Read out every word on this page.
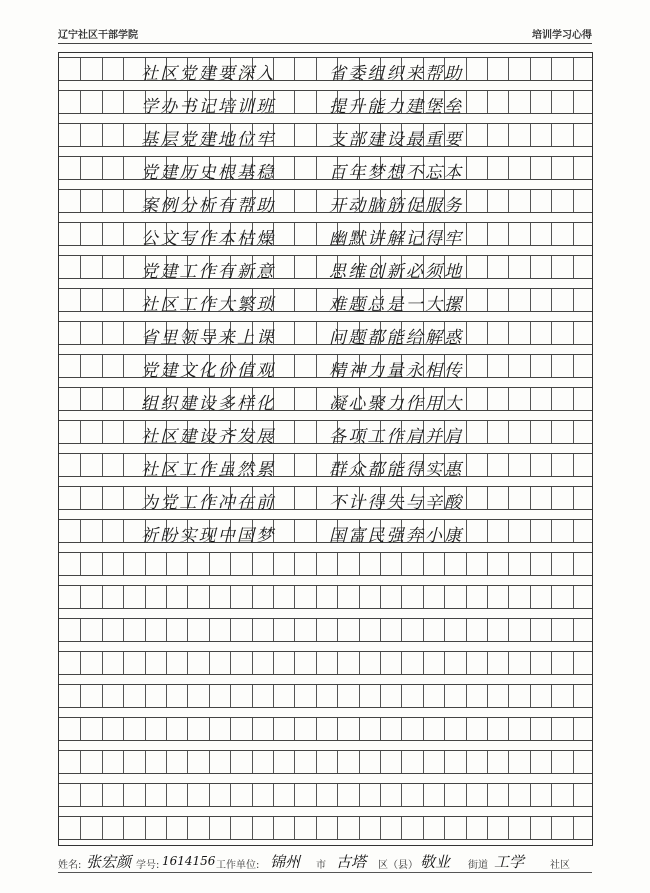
辽宁社区干部学院	培训学习心得
社区党建要深入	省委组织来帮助
学办书记培训班	提升能力建堡垒
基层党建地位牢	支部建设最重要
党建历史根基稳	百年梦想不忘本
案例分析有帮助	开动脑筋促服务
公文写作本枯燥	幽默讲解记得牢
党建工作有新意	思维创新必须地
社区工作大繁琐	难题总是一大摞
省里领导来上课	问题都能给解惑
党建文化价值观	精神力量永相传
组织建设多样化	凝心聚力作用大
社区建设齐发展	各项工作肩并肩
社区工作虽然累	群众都能得实惠
为党工作冲在前	不计得失与辛酸
祈盼实现中国梦	国富民强奔小康
姓名: 张宏颜 学号: 1614156 工作单位: 锦州 市 古塔 区（县） 敬业 街道 工学	社区
